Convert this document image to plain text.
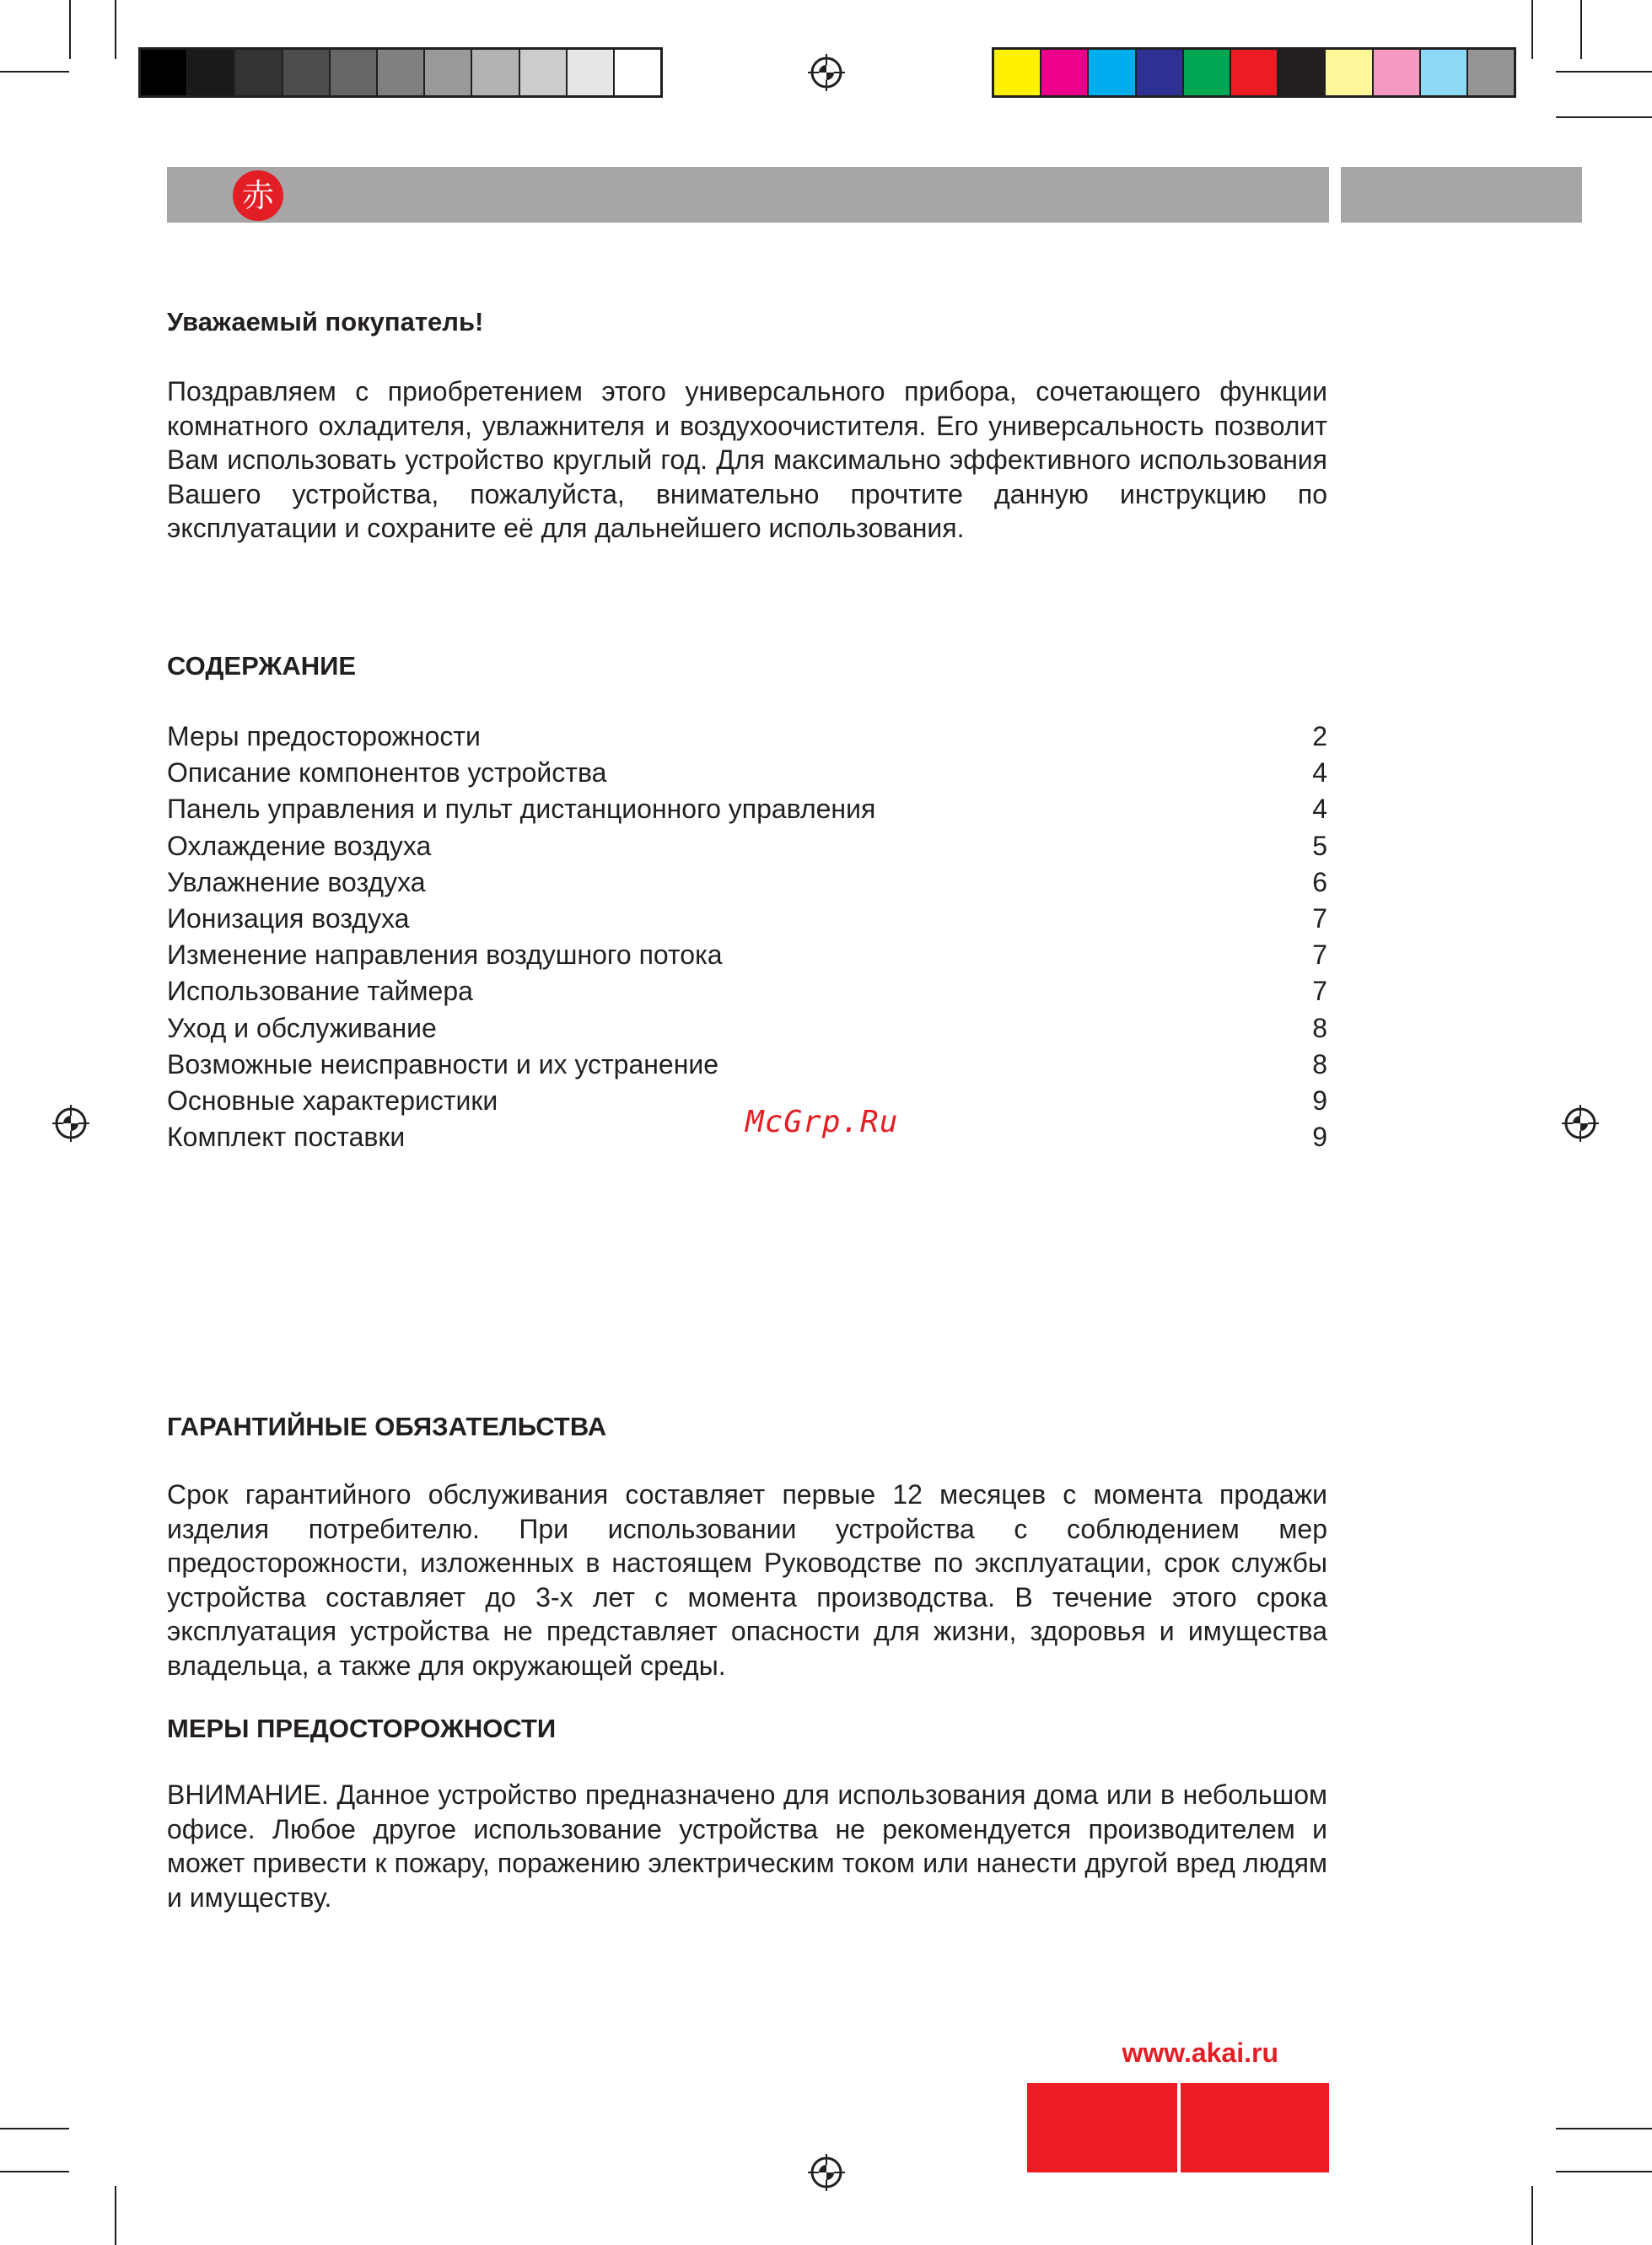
赤

Уважаемый покупатель!

Поздравляем с приобретением этого универсального прибора, сочетающего функции комнатного охладителя, увлажнителя и воздухоочистителя. Его универсальность позволит Вам использовать устройство круглый год. Для максимально эффективного использования Вашего устройства, пожалуйста, внимательно прочтите данную инструкцию по эксплуатации и сохраните её для дальнейшего использования.

СОДЕРЖАНИЕ

Меры предосторожности	2
Описание компонентов устройства	4
Панель управления и пульт дистанционного управления	4
Охлаждение воздуха	5
Увлажнение воздуха	6
Ионизация воздуха	7
Изменение направления воздушного потока	7
Использование таймера	7
Уход и обслуживание	8
Возможные неисправности и их устранение	8
Основные характеристики	9
Комплект поставки	9
McGrp.Ru

ГАРАНТИЙНЫЕ ОБЯЗАТЕЛЬСТВА

Срок гарантийного обслуживания составляет первые 12 месяцев с момента продажи изделия потребителю. При использовании устройства с соблюдением мер предосторожности, изложенных в настоящем Руководстве по эксплуатации, срок службы устройства составляет до 3-х лет с момента производства. В течение этого срока эксплуатация устройства не представляет опасности для жизни, здоровья и имущества владельца, а также для окружающей среды.

МЕРЫ ПРЕДОСТОРОЖНОСТИ

ВНИМАНИЕ. Данное устройство предназначено для использования дома или в небольшом офисе. Любое другое использование устройства не рекомендуется производителем и может привести к пожару, поражению электрическим током или нанести другой вред людям и имуществу.

www.akai.ru
